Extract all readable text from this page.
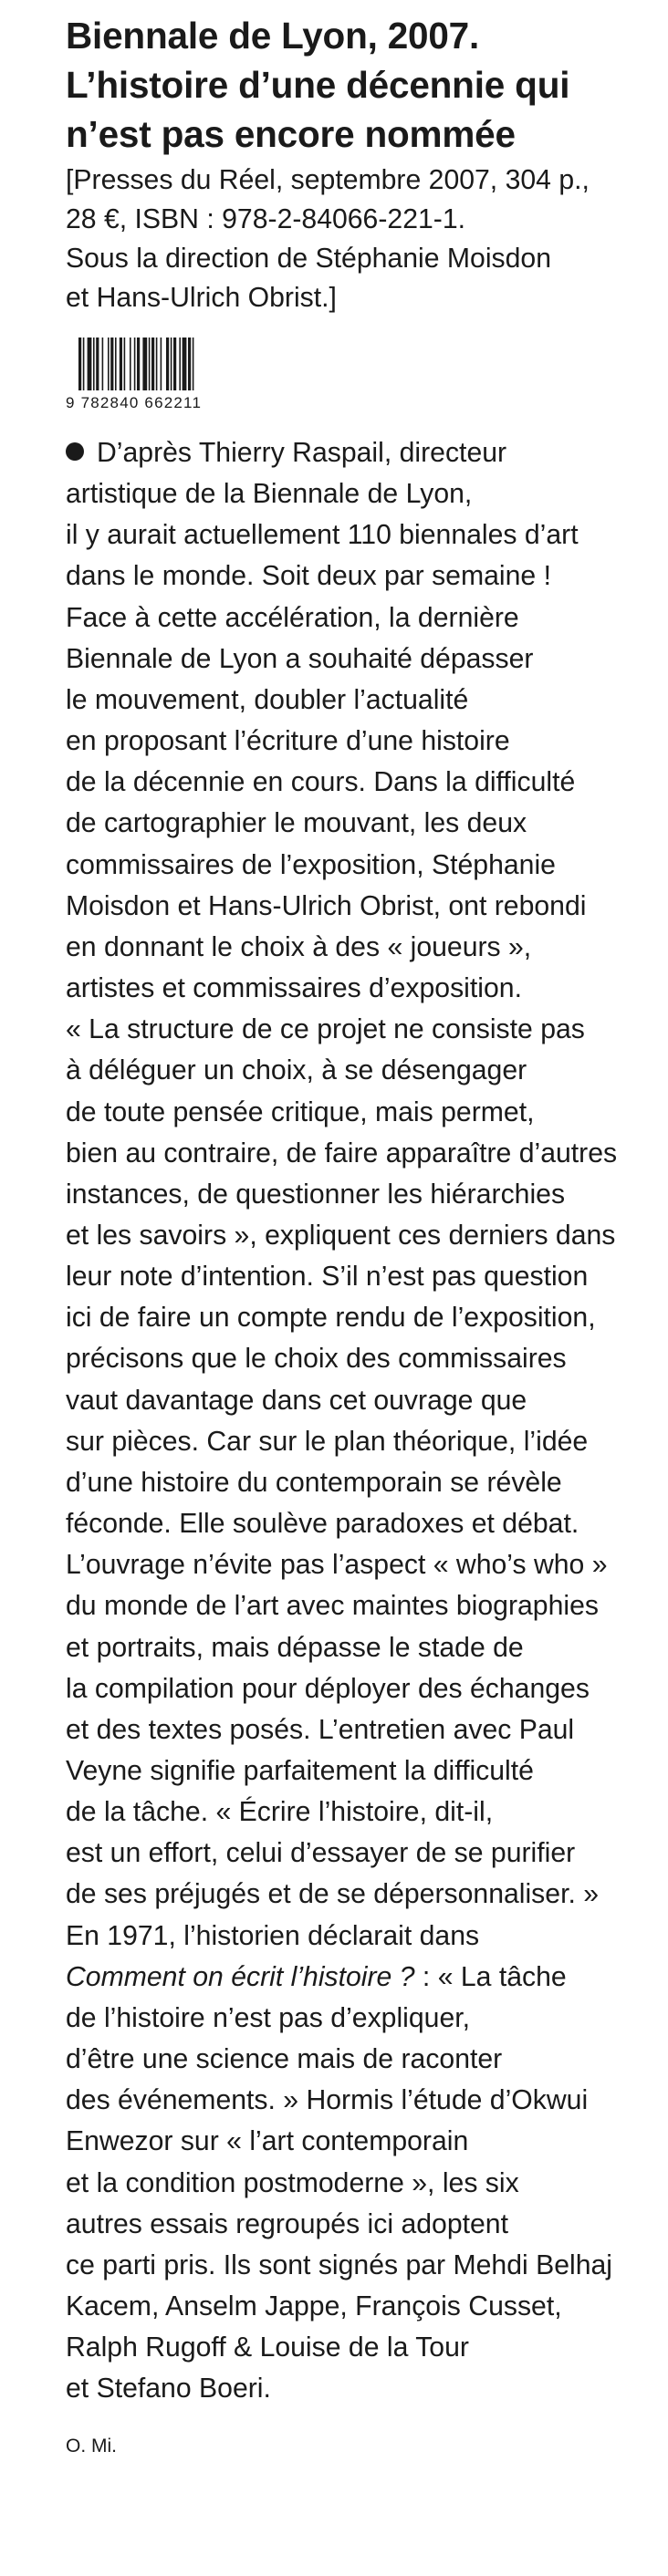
Biennale de Lyon, 2007.
L’histoire d’une décennie qui
n’est pas encore nommée
[Presses du Réel, septembre 2007, 304 p.,
28 €, ISBN : 978-2-84066-221-1.
Sous la direction de Stéphanie Moisdon
et Hans-Ulrich Obrist.]
9 782840 662211
D’après Thierry Raspail, directeur
artistique de la Biennale de Lyon,
il y aurait actuellement 110 biennales d’art
dans le monde. Soit deux par semaine !
Face à cette accélération, la dernière
Biennale de Lyon a souhaité dépasser
le mouvement, doubler l’actualité
en proposant l’écriture d’une histoire
de la décennie en cours. Dans la difficulté
de cartographier le mouvant, les deux
commissaires de l’exposition, Stéphanie
Moisdon et Hans-Ulrich Obrist, ont rebondi
en donnant le choix à des « joueurs »,
artistes et commissaires d’exposition.
« La structure de ce projet ne consiste pas
à déléguer un choix, à se désengager
de toute pensée critique, mais permet,
bien au contraire, de faire apparaître d’autres
instances, de questionner les hiérarchies
et les savoirs », expliquent ces derniers dans
leur note d’intention. S’il n’est pas question
ici de faire un compte rendu de l’exposition,
précisons que le choix des commissaires
vaut davantage dans cet ouvrage que
sur pièces. Car sur le plan théorique, l’idée
d’une histoire du contemporain se révèle
féconde. Elle soulève paradoxes et débat.
L’ouvrage n’évite pas l’aspect « who’s who »
du monde de l’art avec maintes biographies
et portraits, mais dépasse le stade de
la compilation pour déployer des échanges
et des textes posés. L’entretien avec Paul
Veyne signifie parfaitement la difficulté
de la tâche. « Écrire l’histoire, dit-il,
est un effort, celui d’essayer de se purifier
de ses préjugés et de se dépersonnaliser. »
En 1971, l’historien déclarait dans
Comment on écrit l’histoire ? : « La tâche
de l’histoire n’est pas d’expliquer,
d’être une science mais de raconter
des événements. » Hormis l’étude d’Okwui
Enwezor sur « l’art contemporain
et la condition postmoderne », les six
autres essais regroupés ici adoptent
ce parti pris. Ils sont signés par Mehdi Belhaj
Kacem, Anselm Jappe, François Cusset,
Ralph Rugoff & Louise de la Tour
et Stefano Boeri.
O. Mi.
